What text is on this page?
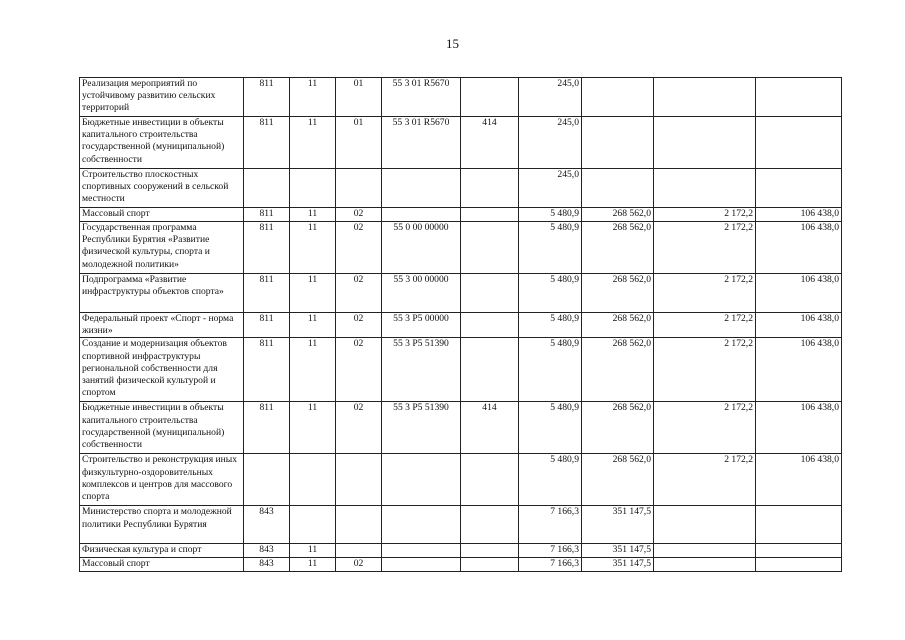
15
Реализация мероприятий по устойчивому развитию сельских территорий	811	11	01	55 3 01 R5670		245,0			
Бюджетные инвестиции в объекты капитального строительства государственной (муниципальной) собственности	811	11	01	55 3 01 R5670	414	245,0			
Строительство плоскостных спортивных сооружений в сельской местности						245,0			
Массовый спорт	811	11	02			5 480,9	268 562,0	2 172,2	106 438,0
Государственная программа Республики Бурятия «Развитие физической культуры, спорта и молодежной политики»	811	11	02	55 0 00 00000		5 480,9	268 562,0	2 172,2	106 438,0
Подпрограмма «Развитие инфраструктуры объектов спорта»	811	11	02	55 3 00 00000		5 480,9	268 562,0	2 172,2	106 438,0
Федеральный проект «Спорт - норма жизни»	811	11	02	55 3 P5 00000		5 480,9	268 562,0	2 172,2	106 438,0
Создание и модернизация объектов спортивной инфраструктуры региональной собственности для занятий физической культурой и спортом	811	11	02	55 3 P5 51390		5 480,9	268 562,0	2 172,2	106 438,0
Бюджетные инвестиции в объекты капитального строительства государственной (муниципальной) собственности	811	11	02	55 3 P5 51390	414	5 480,9	268 562,0	2 172,2	106 438,0
Строительство и реконструкция иных физкультурно-оздоровительных комплексов и центров для массового спорта						5 480,9	268 562,0	2 172,2	106 438,0
Министерство спорта и молодежной политики Республики Бурятия	843					7 166,3	351 147,5		
Физическая культура и спорт	843	11				7 166,3	351 147,5		
Массовый спорт	843	11	02			7 166,3	351 147,5		
